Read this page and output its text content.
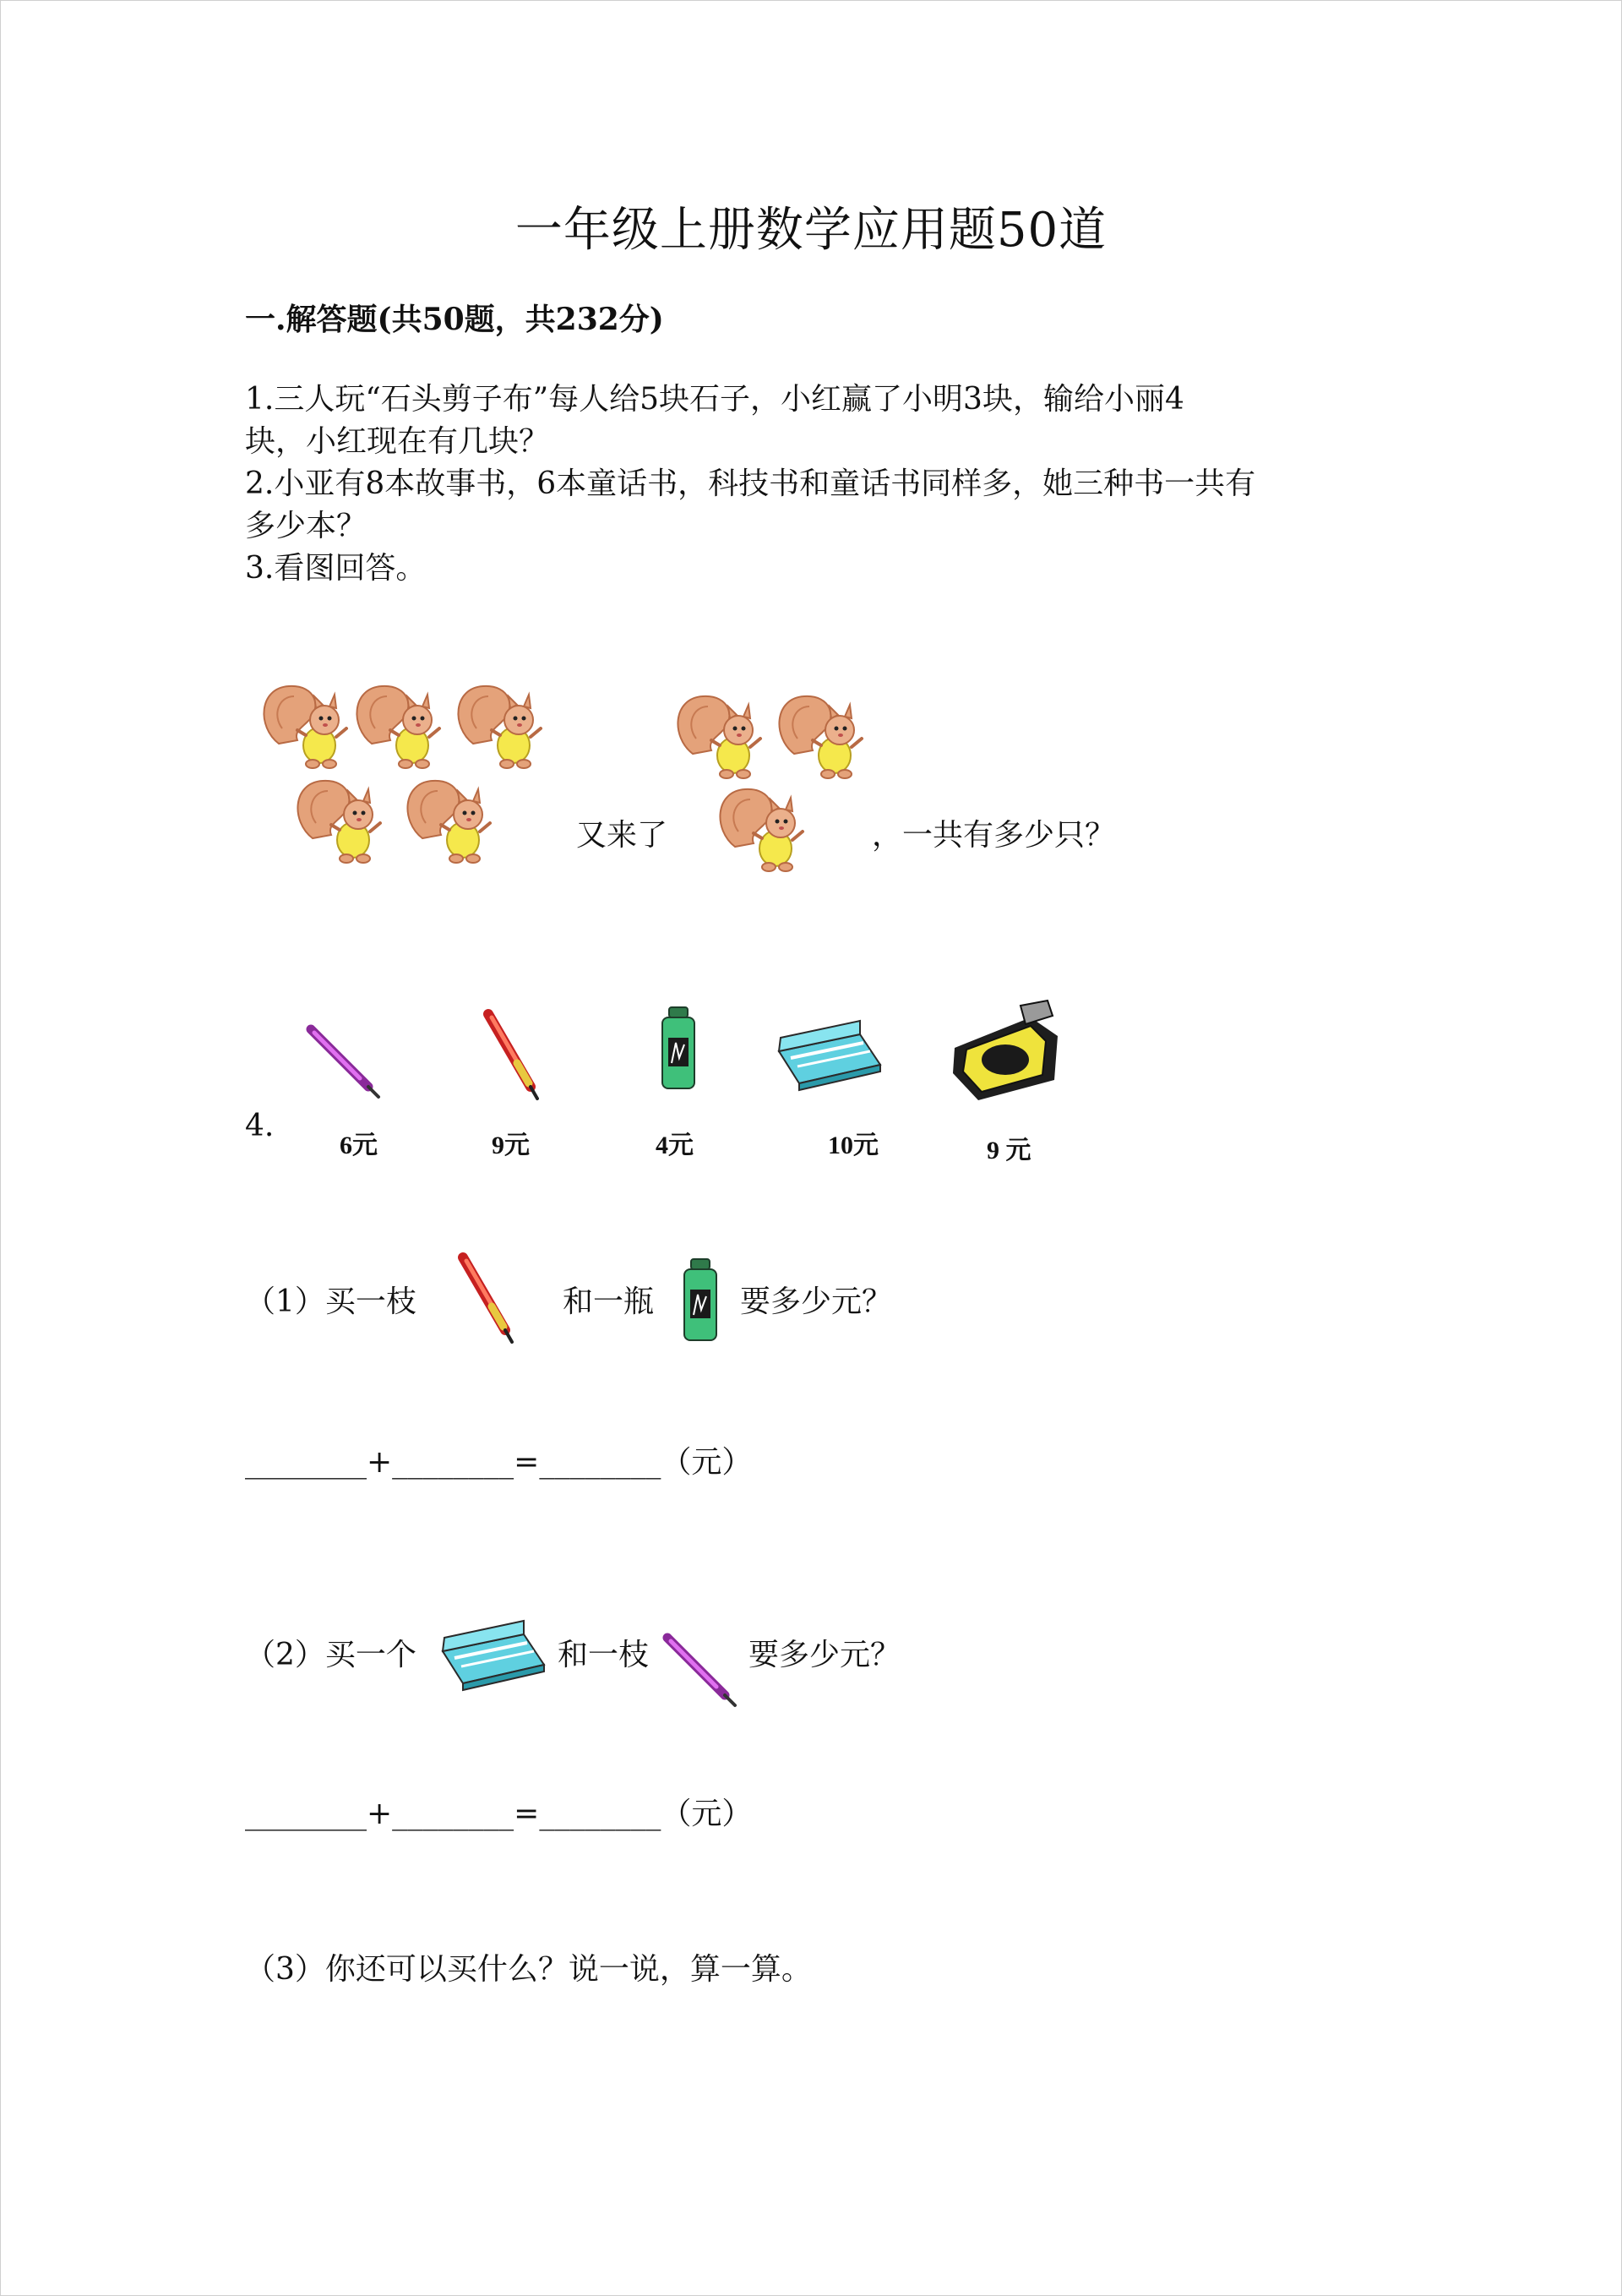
一年级上册数学应用题50道
一.解答题(共50题，共232分)
1.三人玩“石头剪子布”每人给5块石子，小红赢了小明3块，输给小丽4
块，小红现在有几块？
2.小亚有8本故事书，6本童话书，科技书和童话书同样多，她三种书一共有
多少本？
3.看图回答。
又来了	，一共有多少只？
4.
6元	9元	4元	10元	9 元
（1）买一枝	和一瓶	要多少元？
________+________=________（元）
（2）买一个	和一枝	要多少元？
________+________=________（元）
（3）你还可以买什么？说一说，算一算。
